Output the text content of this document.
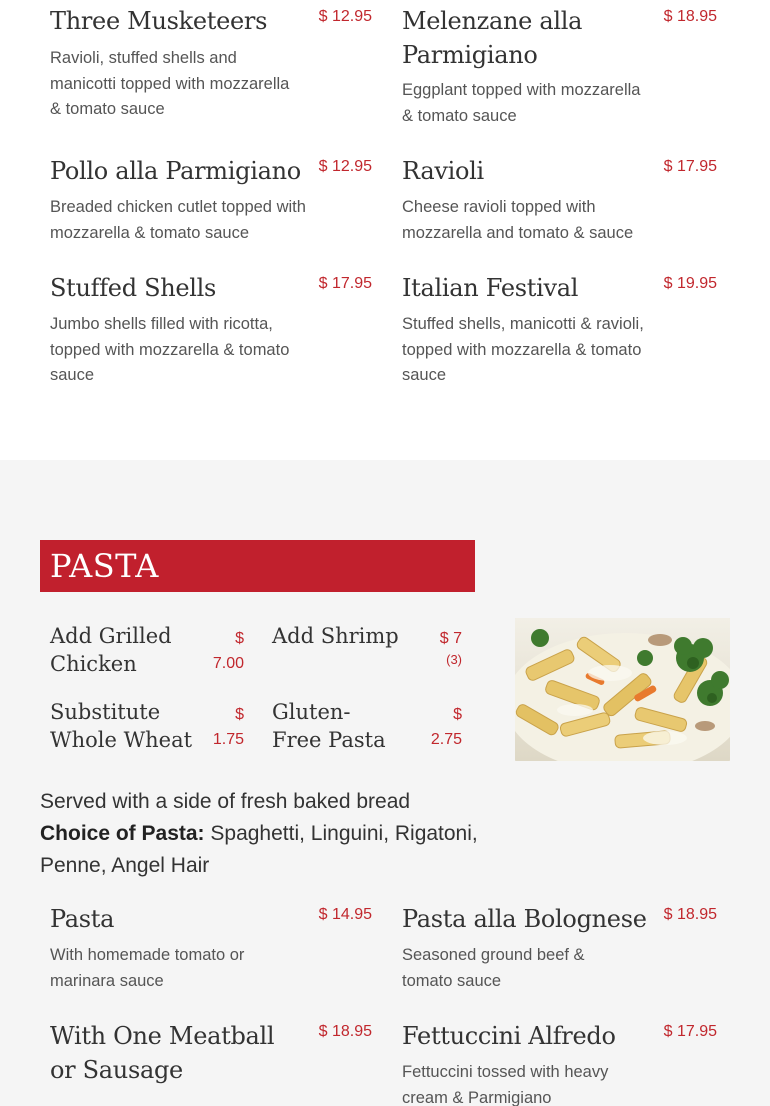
Three Musketeers	$ 12.95
Ravioli, stuffed shells and manicotti topped with mozzarella & tomato sauce
Melenzane alla Parmigiano
$ 18.95
Eggplant topped with mozzarella & tomato sauce
Pollo alla Parmigiano	$ 12.95
Breaded chicken cutlet topped with mozzarella & tomato sauce
Ravioli	$ 17.95
Cheese ravioli topped with mozzarella and tomato & sauce
Stuffed Shells	$ 17.95
Jumbo shells filled with ricotta, topped with mozzarella & tomato sauce
Italian Festival	$ 19.95
Stuffed shells, manicotti & ravioli, topped with mozzarella & tomato sauce
PASTA
Add Grilled Chicken
$ 7.00
Add Shrimp	$ 7
(3)
Substitute Whole Wheat
$ 1.75
Gluten-Free Pasta
$ 2.75
Served with a side of fresh baked bread
Choice of Pasta: Spaghetti, Linguini, Rigatoni, Penne, Angel Hair
Pasta	$ 14.95
With homemade tomato or marinara sauce
Pasta alla Bolognese	$ 18.95
Seasoned ground beef & tomato sauce
With One Meatball or Sausage
$ 18.95 Fettuccini Alfredo	$ 17.95
Fettuccini tossed with heavy cream & Parmigiano
